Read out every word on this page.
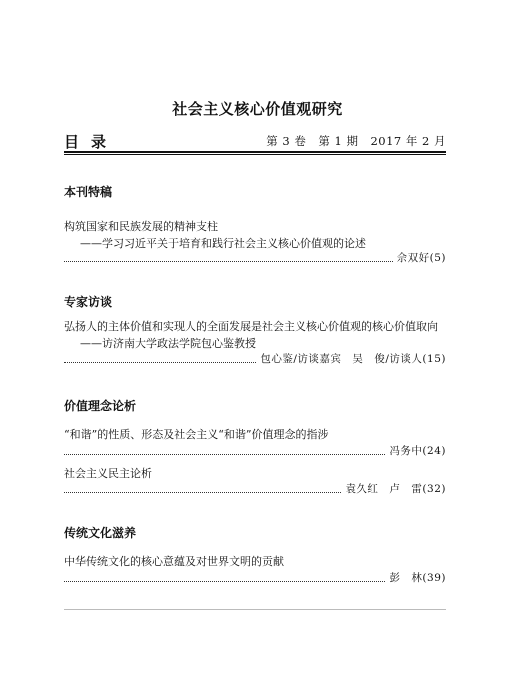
社会主义核心价值观研究
目录	第 3 卷　第 1 期　2017 年 2 月
本刊特稿
构筑国家和民族发展的精神支柱
——学习习近平关于培育和践行社会主义核心价值观的论述
佘双好(5)
专家访谈
弘扬人的主体价值和实现人的全面发展是社会主义核心价值观的核心价值取向
——访济南大学政法学院包心鉴教授
包心鉴/访谈嘉宾　吴　俊/访谈人(15)
价值理念论析
“和谐”的性质、形态及社会主义“和谐”价值理念的指涉
冯务中(24)
社会主义民主论析
袁久红　卢　雷(32)
传统文化滋养
中华传统文化的核心意蕴及对世界文明的贡献
彭　林(39)
